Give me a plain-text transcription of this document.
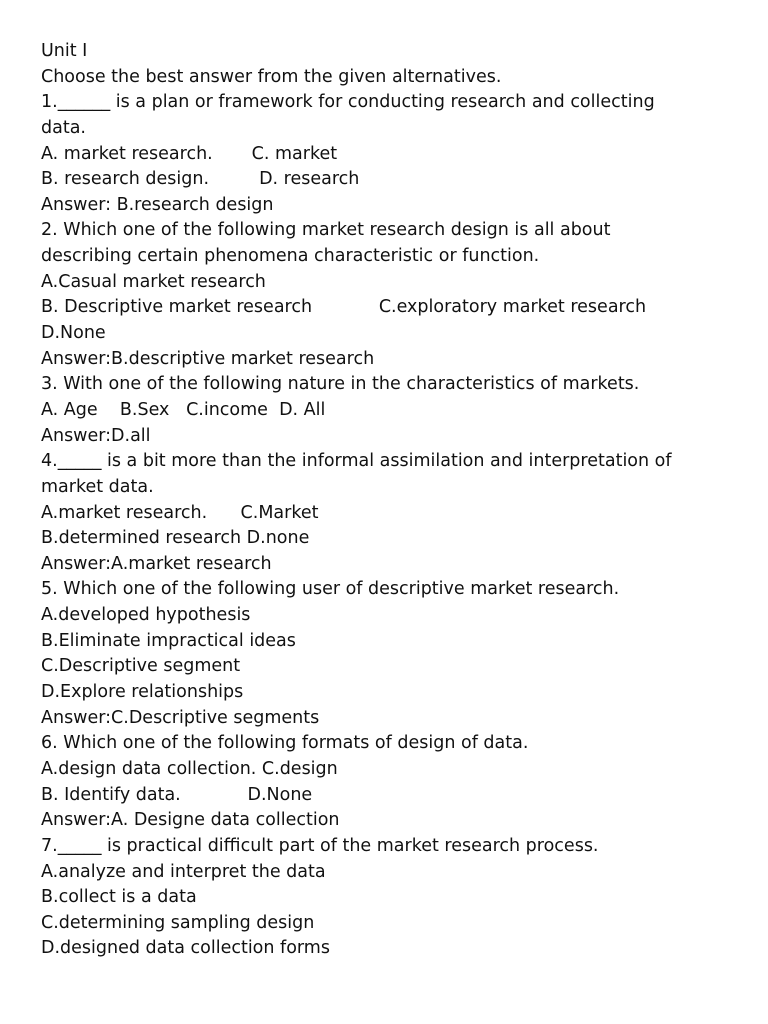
Unit I
Choose the best answer from the given alternatives.
1.______ is a plan or framework for conducting research and collecting
data.
A. market research.       C. market
B. research design.         D. research
Answer: B.research design
2. Which one of the following market research design is all about
describing certain phenomena characteristic or function.
A.Casual market research
B. Descriptive market research            C.exploratory market research
D.None
Answer:B.descriptive market research
3. With one of the following nature in the characteristics of markets.
A. Age    B.Sex   C.income  D. All
Answer:D.all
4._____ is a bit more than the informal assimilation and interpretation of
market data.
A.market research.      C.Market
B.determined research D.none
Answer:A.market research
5. Which one of the following user of descriptive market research.
A.developed hypothesis
B.Eliminate impractical ideas
C.Descriptive segment
D.Explore relationships
Answer:C.Descriptive segments
6. Which one of the following formats of design of data.
A.design data collection. C.design
B. Identify data.            D.None
Answer:A. Designe data collection
7._____ is practical difficult part of the market research process.
A.analyze and interpret the data
B.collect is a data
C.determining sampling design
D.designed data collection forms
